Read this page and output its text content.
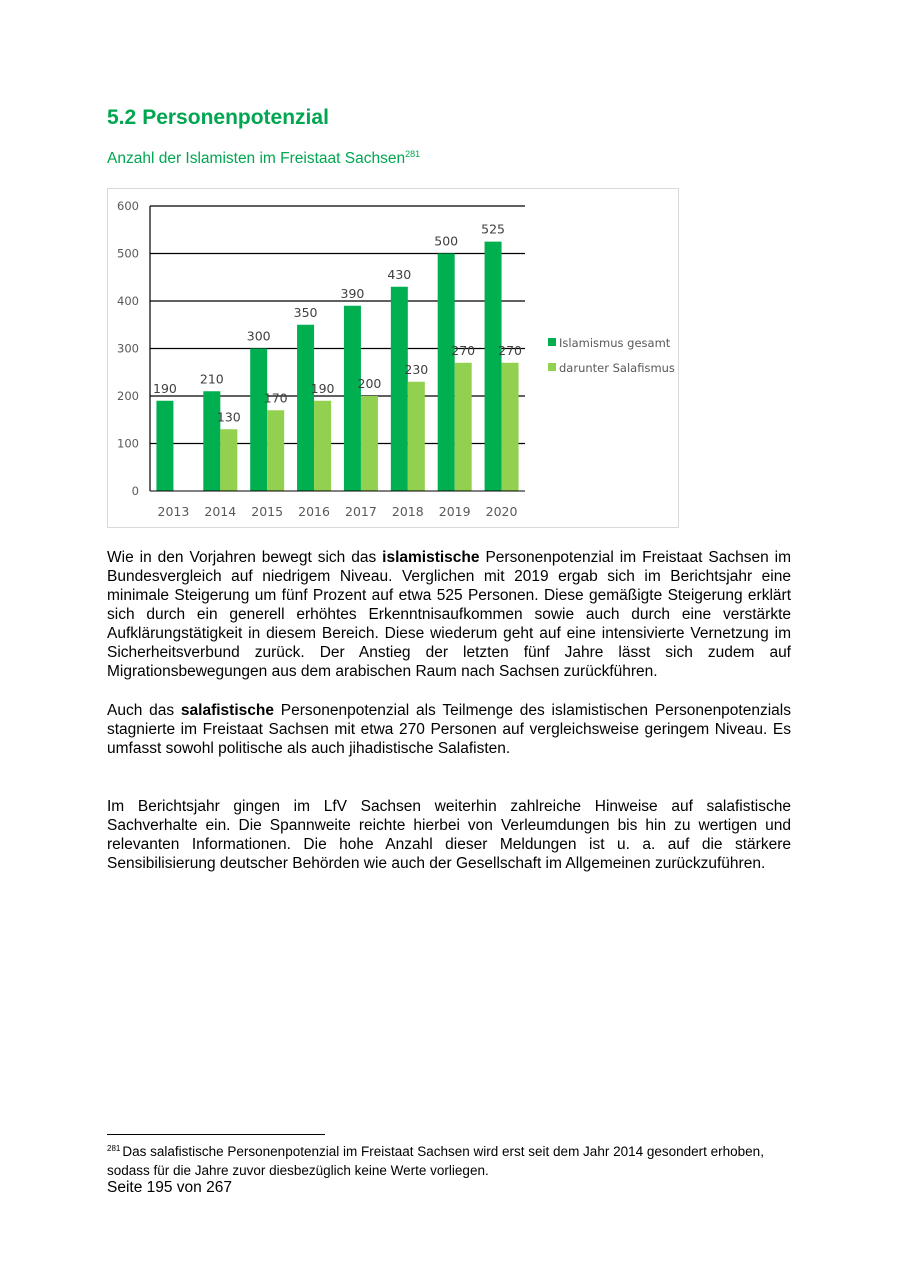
5.2 Personenpotenzial

Anzahl der Islamisten im Freistaat Sachsen$^{281}$

0
100
200
300
400
500
600
190
2013
210
130
2014
300
170
2015
350
190
2016
390
200
2017
430
230
2018
500
270
2019
525
270
2020
Islamismus gesamt
darunter Salafismus

Wie in den Vorjahren bewegt sich das islamistische Personenpotenzial im Freistaat Sachsen im Bundesvergleich auf niedrigem Niveau. Verglichen mit 2019 ergab sich im Berichtsjahr eine minimale Steigerung um fünf Prozent auf etwa 525 Personen. Diese gemäßigte Steigerung erklärt sich durch ein generell erhöhtes Erkenntnisaufkommen sowie auch durch eine verstärkte Aufklärungstätigkeit in diesem Bereich. Diese wiederum geht auf eine intensivierte Vernetzung im Sicherheitsverbund zurück. Der Anstieg der letzten fünf Jahre lässt sich zudem auf Migrationsbewegungen aus dem arabischen Raum nach Sachsen zurückführen.

Auch das salafistische Personenpotenzial als Teilmenge des islamistischen Personenpotenzials stagnierte im Freistaat Sachsen mit etwa 270 Personen auf vergleichsweise geringem Niveau. Es umfasst sowohl politische als auch jihadistische Salafisten.

Im Berichtsjahr gingen im LfV Sachsen weiterhin zahlreiche Hinweise auf salafistische Sachverhalte ein. Die Spannweite reichte hierbei von Verleumdungen bis hin zu wertigen und relevanten Informationen. Die hohe Anzahl dieser Meldungen ist u. a. auf die stärkere Sensibilisierung deutscher Behörden wie auch der Gesellschaft im Allgemeinen zurückzuführen.

$^{281}$ Das salafistische Personenpotenzial im Freistaat Sachsen wird erst seit dem Jahr 2014 gesondert erhoben, sodass für die Jahre zuvor diesbezüglich keine Werte vorliegen.

Seite 195 von 267
